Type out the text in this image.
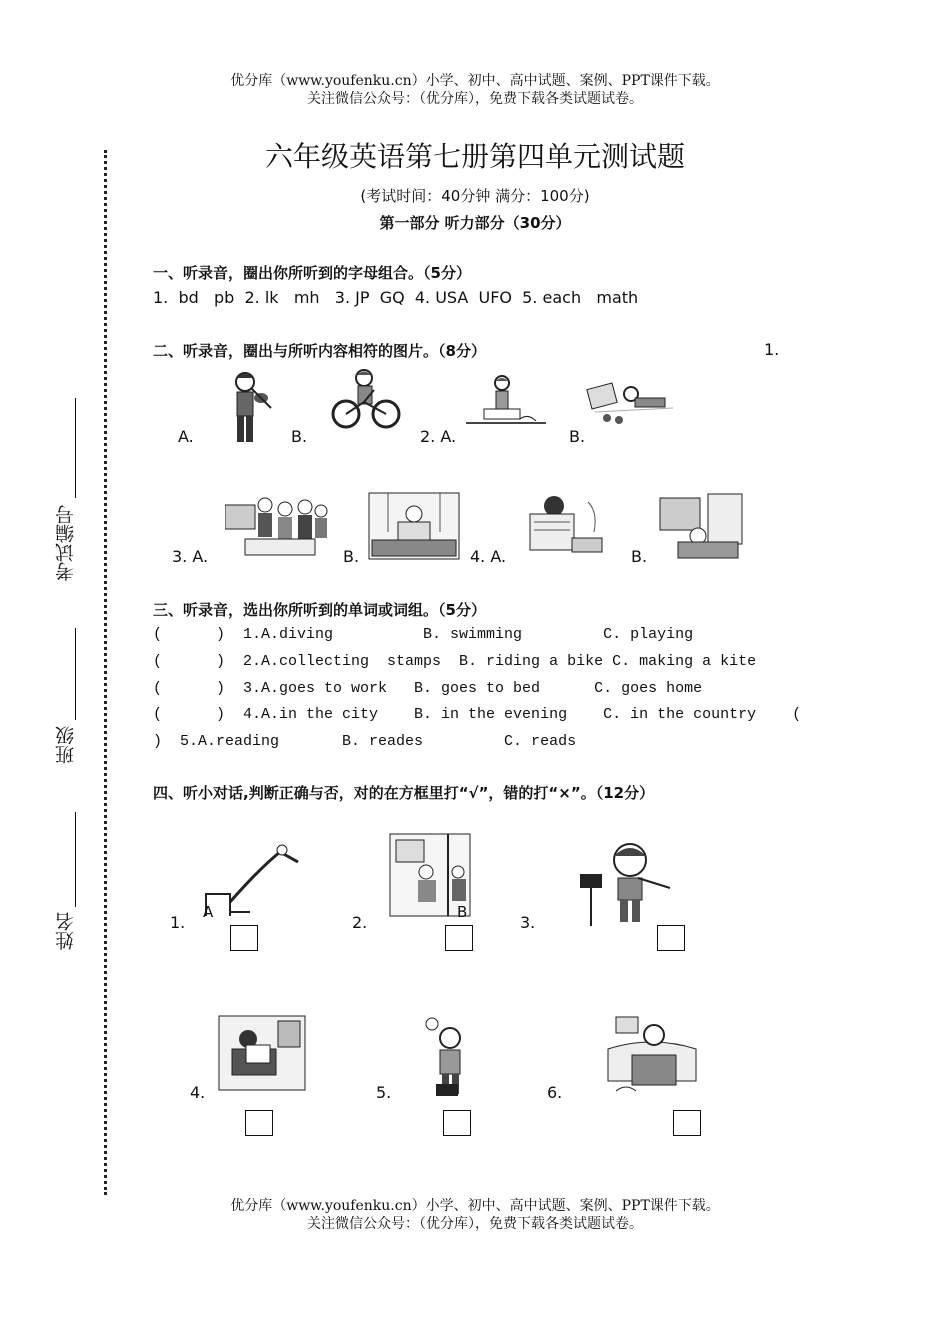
优分库（www.youfenku.cn）小学、初中、高中试题、案例、PPT课件下载。
关注微信公众号：（优分库），免费下载各类试题试卷。
六年级英语第七册第四单元测试题
(考试时间：40分钟 满分：100分)
第一部分 听力部分（30分）
考试编号
班级
姓名
一、听录音，圈出你所听到的字母组合。（5分）
1.  bd   pb  2. lk   mh   3. JP  GQ  4. USA  UFO  5. each   math
二、听录音，圈出与所听内容相符的图片。（8分）	1.
A.	B.	2. A.	B.
3. A.	B.	4. A.	B.
三、听录音，选出你所听到的单词或词组。（5分）
(      )  1.A.diving          B. swimming         C. playing
(      )  2.A.collecting  stamps  B. riding a bike C. making a kite
(      )  3.A.goes to work   B. goes to bed      C. goes home
(      )  4.A.in the city    B. in the evening    C. in the country    (
)  5.A.reading       B. reades         C. reads
四、听小对话,判断正确与否，对的在方框里打“√”，错的打“×”。（12分）
A	B
1.	2.	3.
4.	5.	6.
优分库（www.youfenku.cn）小学、初中、高中试题、案例、PPT课件下载。
关注微信公众号：（优分库），免费下载各类试题试卷。
